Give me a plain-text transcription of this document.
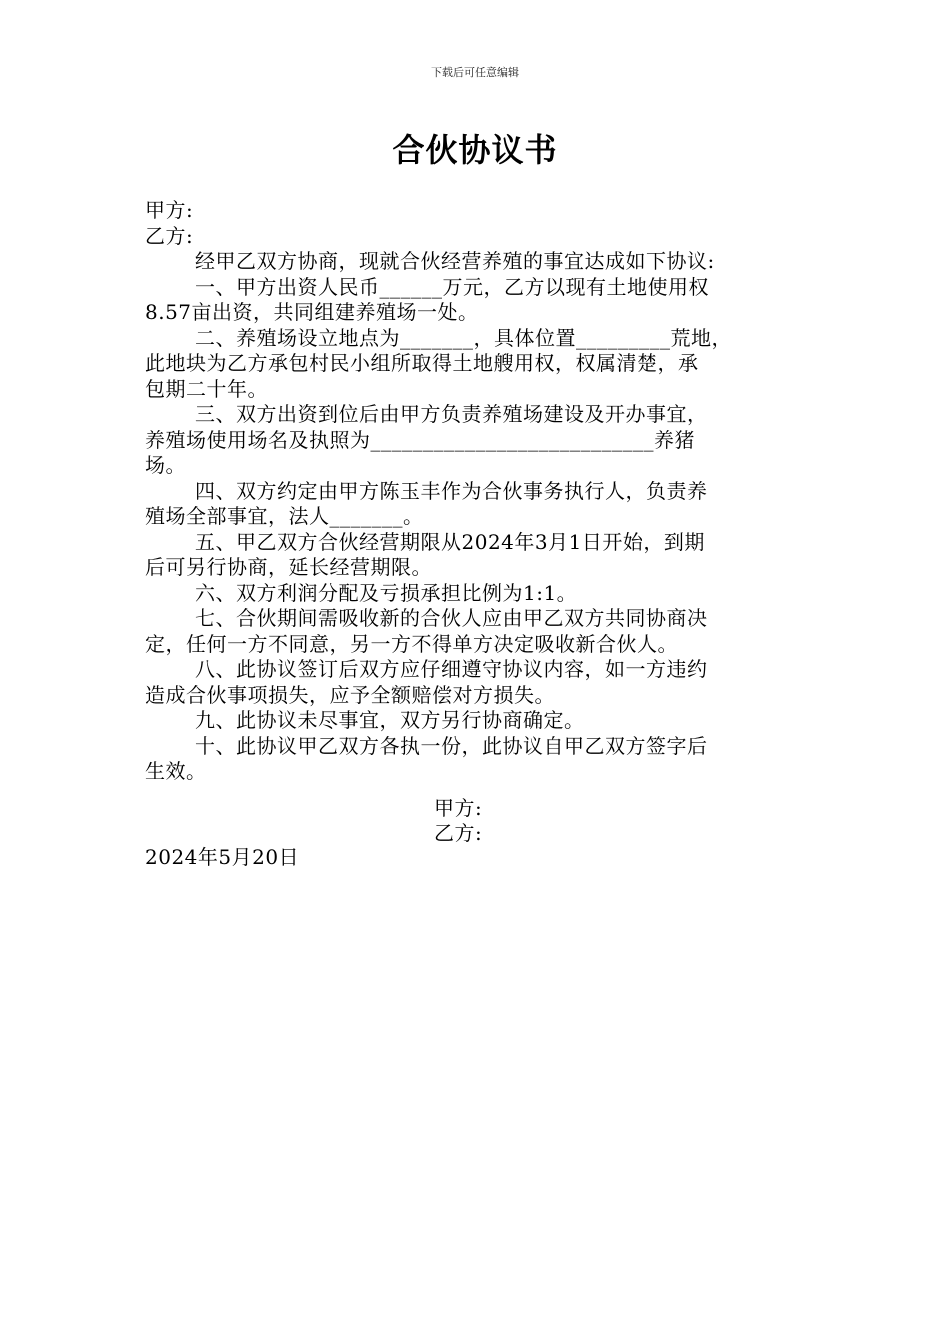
下载后可任意编辑
合伙协议书
甲方:
乙方:
经甲乙双方协商，现就合伙经营养殖的事宜达成如下协议:
一、甲方出资人民币______万元，乙方以现有土地使用权
8.57亩出资，共同组建养殖场一处。
二、养殖场设立地点为_______，具体位置_________荒地，
此地块为乙方承包村民小组所取得土地艘用权，权属清楚，承
包期二十年。
三、双方出资到位后由甲方负责养殖场建设及开办事宜，
养殖场使用场名及执照为___________________________养猪
场。
四、双方约定由甲方陈玉丰作为合伙事务执行人，负责养
殖场全部事宜，法人_______。
五、甲乙双方合伙经营期限从2024年3月1日开始，到期
后可另行协商，延长经营期限。
六、双方利润分配及亏损承担比例为1:1。
七、合伙期间需吸收新的合伙人应由甲乙双方共同协商决
定，任何一方不同意，另一方不得单方决定吸收新合伙人。
八、此协议签订后双方应仔细遵守协议内容，如一方违约
造成合伙事项损失，应予全额赔偿对方损失。
九、此协议未尽事宜，双方另行协商确定。
十、此协议甲乙双方各执一份，此协议自甲乙双方签字后
生效。
甲方:
乙方:
2024年5月20日
